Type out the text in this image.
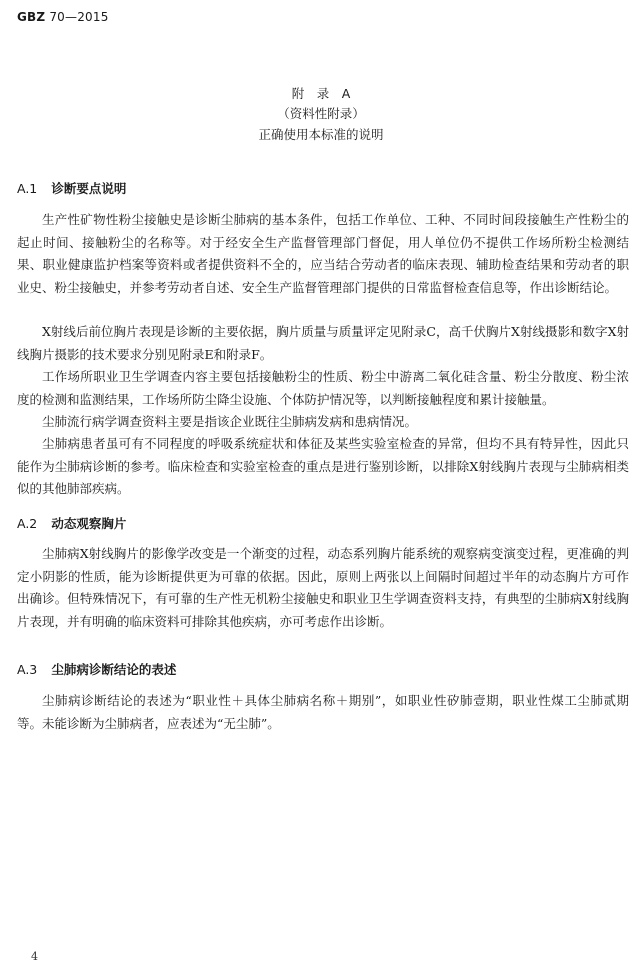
GBZ 70—2015
附　录　A
（资料性附录）
正确使用本标准的说明
A.1 诊断要点说明

生产性矿物性粉尘接触史是诊断尘肺病的基本条件，包括工作单位、工种、不同时间段接触生产性粉尘的起止时间、接触粉尘的名称等。对于经安全生产监督管理部门督促，用人单位仍不提供工作场所粉尘检测结果、职业健康监护档案等资料或者提供资料不全的，应当结合劳动者的临床表现、辅助检查结果和劳动者的职业史、粉尘接触史，并参考劳动者自述、安全生产监督管理部门提供的日常监督检查信息等，作出诊断结论。

X射线后前位胸片表现是诊断的主要依据，胸片质量与质量评定见附录C，高千伏胸片X射线摄影和数字X射线胸片摄影的技术要求分别见附录E和附录F。

工作场所职业卫生学调查内容主要包括接触粉尘的性质、粉尘中游离二氧化硅含量、粉尘分散度、粉尘浓度的检测和监测结果，工作场所防尘降尘设施、个体防护情况等，以判断接触程度和累计接触量。

尘肺流行病学调查资料主要是指该企业既往尘肺病发病和患病情况。

尘肺病患者虽可有不同程度的呼吸系统症状和体征及某些实验室检查的异常，但均不具有特异性，因此只能作为尘肺病诊断的参考。临床检查和实验室检查的重点是进行鉴别诊断，以排除X射线胸片表现与尘肺病相类似的其他肺部疾病。

A.2 动态观察胸片

尘肺病X射线胸片的影像学改变是一个渐变的过程，动态系列胸片能系统的观察病变演变过程，更准确的判定小阴影的性质，能为诊断提供更为可靠的依据。因此，原则上两张以上间隔时间超过半年的动态胸片方可作出确诊。但特殊情况下，有可靠的生产性无机粉尘接触史和职业卫生学调查资料支持，有典型的尘肺病X射线胸片表现，并有明确的临床资料可排除其他疾病，亦可考虑作出诊断。

A.3 尘肺病诊断结论的表述

尘肺病诊断结论的表述为“职业性＋具体尘肺病名称＋期别”，如职业性矽肺壹期，职业性煤工尘肺贰期等。未能诊断为尘肺病者，应表述为“无尘肺”。

4
